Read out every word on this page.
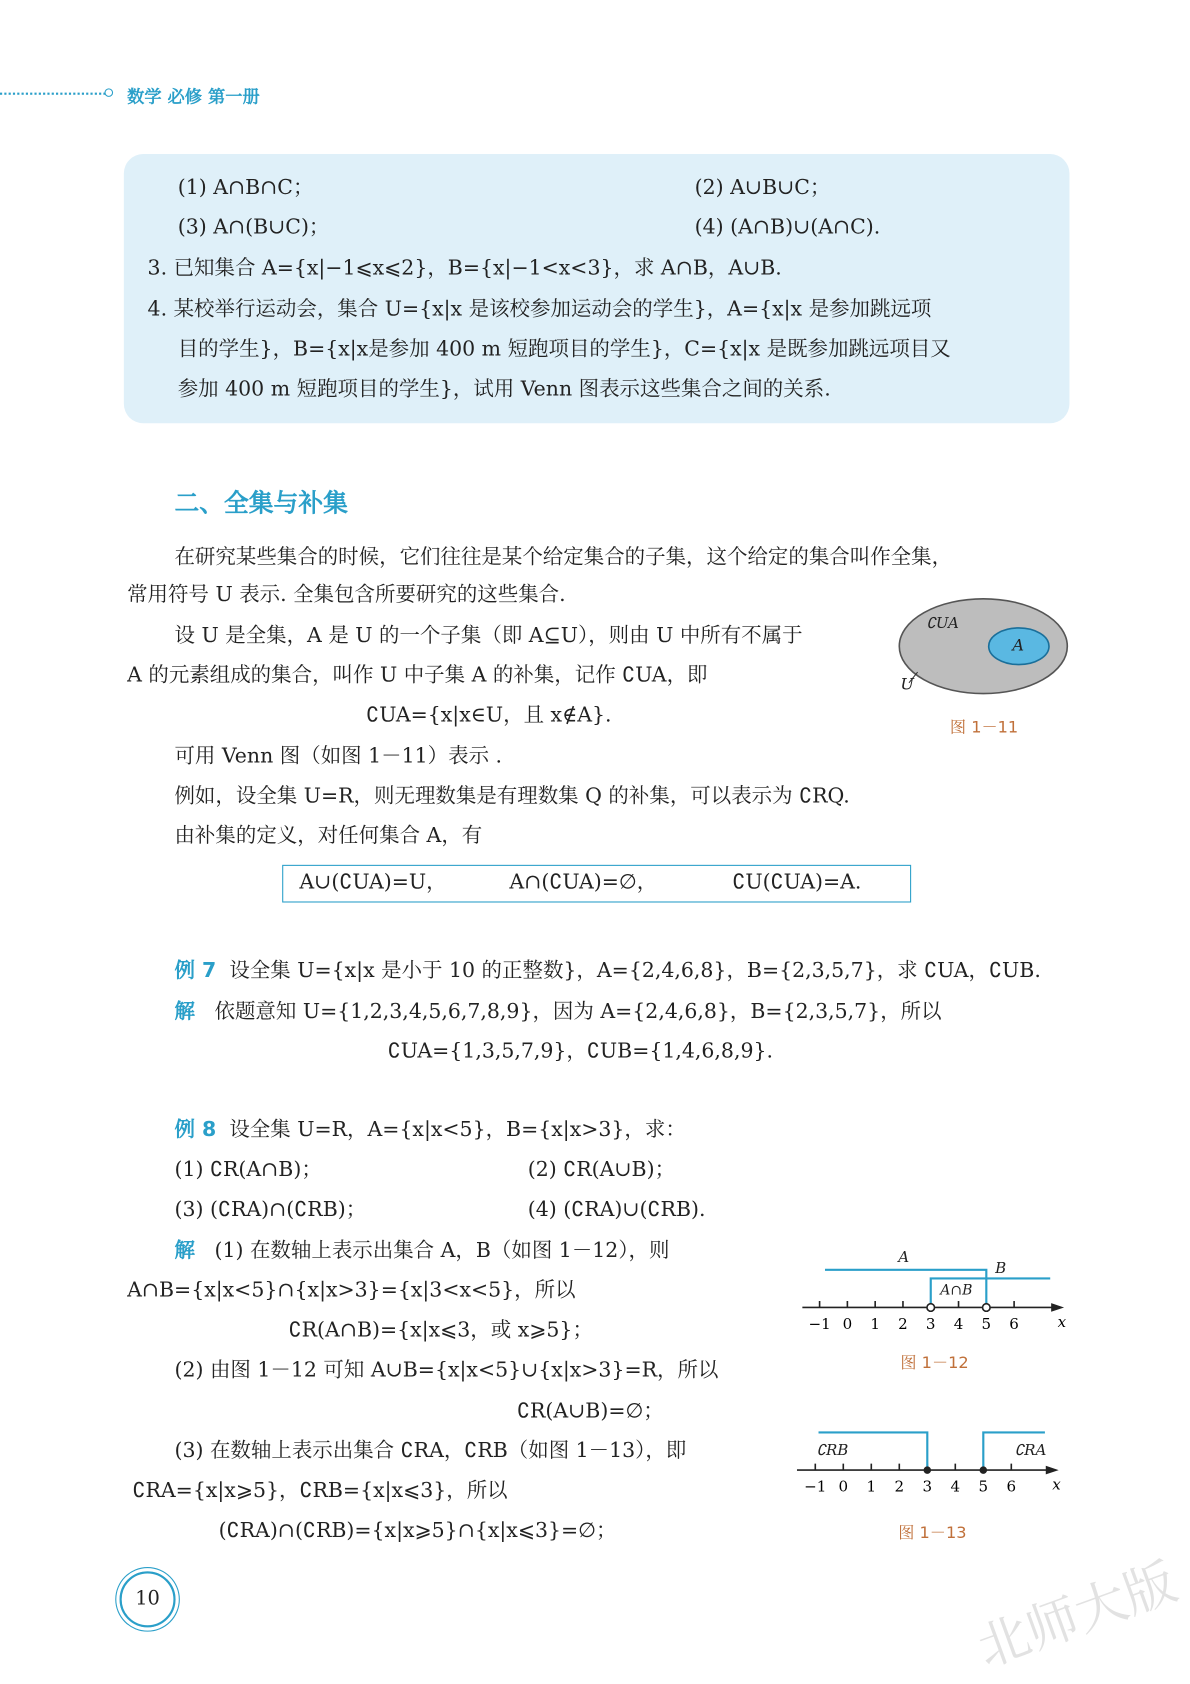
数学 必修 第一册
(1) A∩B∩C；	(2) A∪B∪C；
(3) A∩(B∪C)；	(4) (A∩B)∪(A∩C).
3. 已知集合 A={x|−1⩽x⩽2}，B={x|−1<x<3}，求 A∩B，A∪B.
4. 某校举行运动会，集合 U={x|x 是该校参加运动会的学生}，A={x|x 是参加跳远项
目的学生}，B={x|x是参加 400 m 短跑项目的学生}，C={x|x 是既参加跳远项目又
参加 400 m 短跑项目的学生}，试用 Venn 图表示这些集合之间的关系.
二、全集与补集
在研究某些集合的时候，它们往往是某个给定集合的子集，这个给定的集合叫作全集，
常用符号 U 表示. 全集包含所要研究的这些集合.
设 U 是全集，A 是 U 的一个子集（即 A⊆U），则由 U 中所有不属于
A 的元素组成的集合，叫作 U 中子集 A 的补集，记作 ∁UA，即
∁UA={x|x∈U，且 x∉A}.
可用 Venn 图（如图 1－11）表示 .
例如，设全集 U=R，则无理数集是有理数集 Q 的补集，可以表示为 ∁RQ.
由补集的定义，对任何集合 A，有
A∪(∁UA)=U，	A∩(∁UA)=∅，	∁U(∁UA)=A.
∁UA
A
U
图 1－11
例 7 设全集 U={x|x 是小于 10 的正整数}，A={2,4,6,8}，B={2,3,5,7}，求 ∁UA，∁UB.
解 依题意知 U={1,2,3,4,5,6,7,8,9}，因为 A={2,4,6,8}，B={2,3,5,7}，所以
∁UA={1,3,5,7,9}，∁UB={1,4,6,8,9}.
例 8 设全集 U=R，A={x|x<5}，B={x|x>3}，求：
(1) ∁R(A∩B)；	(2) ∁R(A∪B)；
(3) (∁RA)∩(∁RB)；	(4) (∁RA)∪(∁RB).
解 (1) 在数轴上表示出集合 A，B（如图 1－12），则
A∩B={x|x<5}∩{x|x>3}={x|3<x<5}，所以
∁R(A∩B)={x|x⩽3，或 x⩾5}；
(2) 由图 1－12 可知 A∪B={x|x<5}∪{x|x>3}=R，所以
∁R(A∪B)=∅；
(3) 在数轴上表示出集合 ∁RA，∁RB（如图 1－13），即
∁RA={x|x⩾5}，∁RB={x|x⩽3}，所以
(∁RA)∩(∁RB)={x|x⩾5}∩{x|x⩽3}=∅；
−1 0 1 2 3 4 5 6	x
A
B
A∩B
图 1－12
−1 0 1 2 3 4 5 6	x
∁RB	∁RA
图 1－13
10	北师大版
